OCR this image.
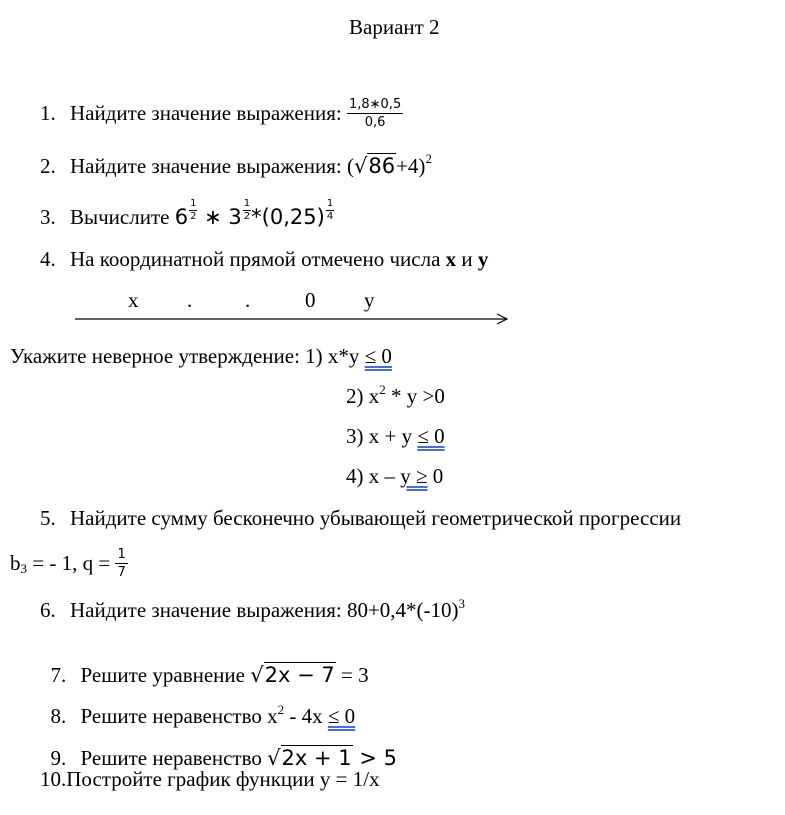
Вариант 2
1. Найдите значение выражения:
$\frac{1,8∗0,5}{0,6}$
2. Найдите значение выражения: $(√86+4)^2$
3. Вычислите $6 \frac{1}{2}$ ∗ $3 \frac{1}{2} *(0,25) \frac{1}{4}$
4. На координатной прямой отмечено числа x и y
x .	.	0 y
Укажите неверное утверждение: 1) x*y ≤ 0
2) $x^2 * y >0$
3) x + y ≤ 0
4) x – y ≥ 0
5. Найдите сумму бесконечно убывающей геометрической прогрессии
$b_3$ = - 1, $q = \frac{1}{7}$
6. Найдите значение выражения: $80+0,4*(-10)^3$

7. Решите уравнение √2x − 7 = 3

8. Решите неравенство $x^2 - 4x \le 0$

9. Решите неравенство √2x + 1 > 5

10.Постройте график функции y = 1/x
